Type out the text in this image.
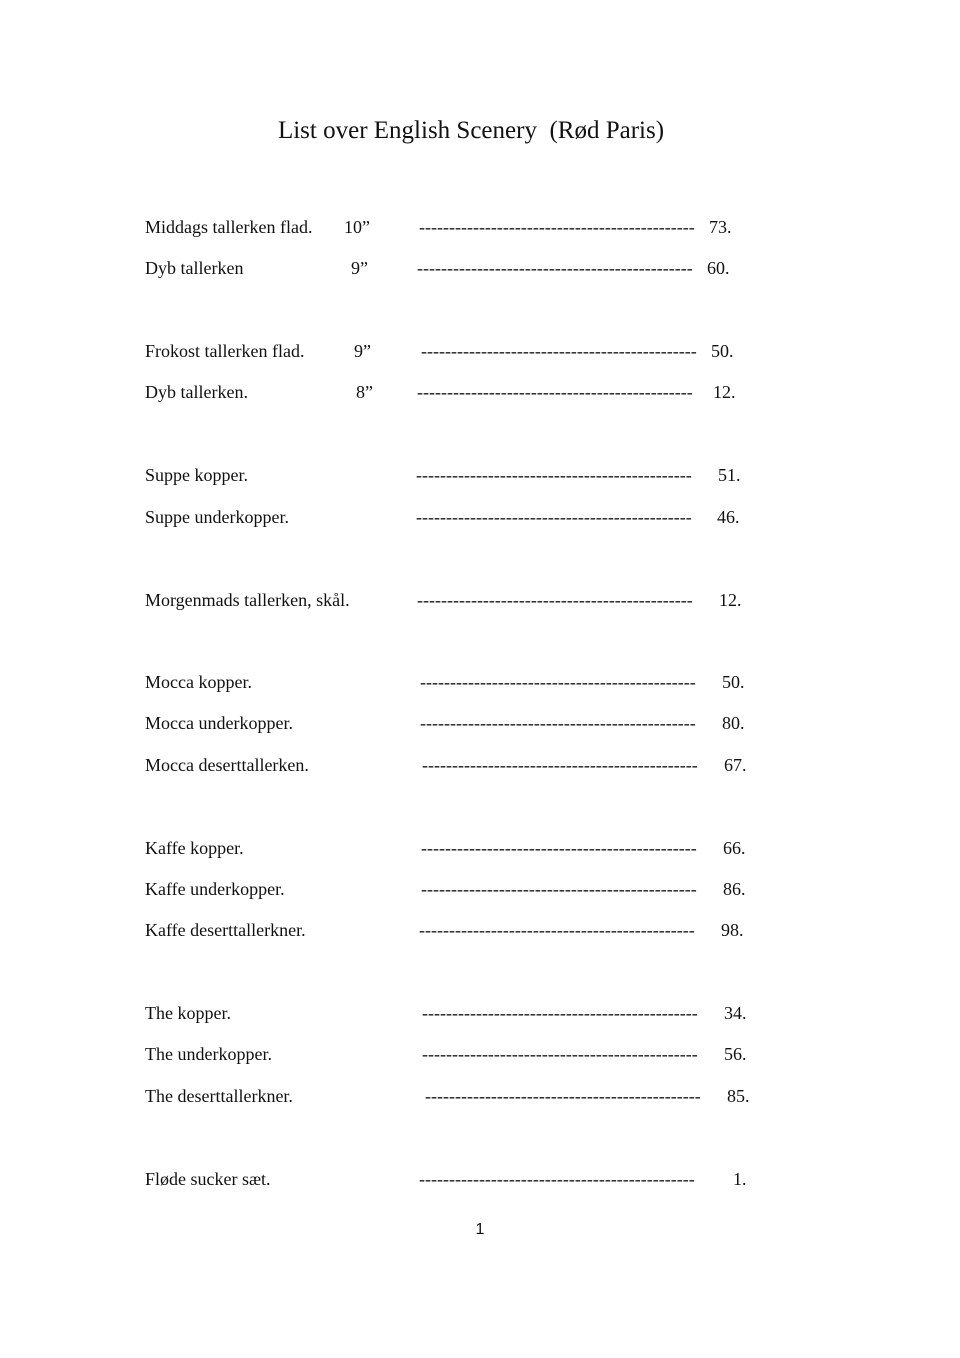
List over English Scenery  (Rød Paris)
Middags tallerken flad. 10”	---------------------------------------------- 73.
Dyb tallerken	9”	---------------------------------------------- 60.
Frokost tallerken flad.	9”	---------------------------------------------- 50.
Dyb tallerken.	8” ----------------------------------------------	12.
Suppe kopper.	----------------------------------------------	51.
Suppe underkopper.	----------------------------------------------	46.
Morgenmads tallerken, skål.	----------------------------------------------	12.
Mocca kopper.	----------------------------------------------	50.
Mocca underkopper.	----------------------------------------------	80.
Mocca deserttallerken.	----------------------------------------------	67.
Kaffe kopper.	----------------------------------------------	66.
Kaffe underkopper.	----------------------------------------------	86.
Kaffe deserttallerkner.	----------------------------------------------	98.
The kopper.	----------------------------------------------	34.
The underkopper.	----------------------------------------------	56.
The deserttallerkner.	----------------------------------------------	85.
Fløde sucker sæt.	----------------------------------------------	1.
1
